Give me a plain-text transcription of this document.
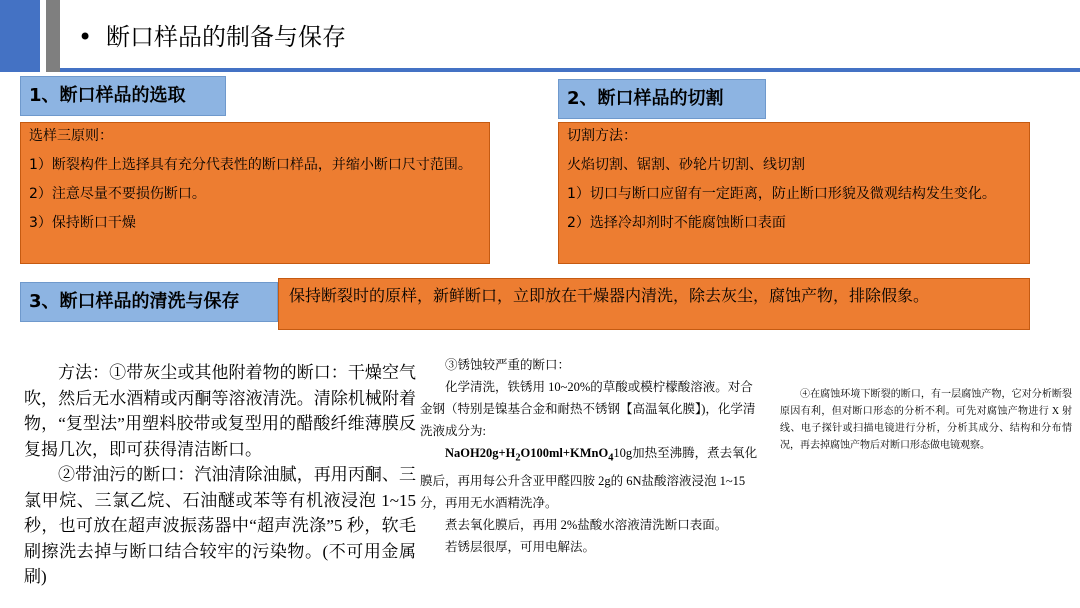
• 断口样品的制备与保存
1、断口样品的选取

选样三原则：

1）断裂构件上选择具有充分代表性的断口样品，并缩小断口尺寸范围。

2）注意尽量不要损伤断口。

3）保持断口干燥

2、断口样品的切割

切割方法：

火焰切割、锯割、砂轮片切割、线切割

1）切口与断口应留有一定距离，防止断口形貌及微观结构发生变化。

2）选择冷却剂时不能腐蚀断口表面

3、断口样品的清洗与保存	保持断裂时的原样，新鲜断口，立即放在干燥器内清洗，除去灰尘，腐蚀产物，排除假象。

方法：①带灰尘或其他附着物的断口：干燥空气吹，然后无水酒精或丙酮等溶液清洗。清除机械附着物，“复型法”用塑料胶带或复型用的醋酸纤维薄膜反复揭几次，即可获得清洁断口。

②带油污的断口：汽油清除油腻，再用丙酮、三氯甲烷、三氯乙烷、石油醚或苯等有机液浸泡 1~15 秒，也可放在超声波振荡器中“超声洗涤”5 秒，软毛刷擦洗去掉与断口结合较牢的污染物。(不可用金属刷)

③锈蚀较严重的断口：

化学清洗，铁锈用 10~20%的草酸或模柠檬酸溶液。对合金钢（特别是镍基合金和耐热不锈钢【高温氧化膜】)，化学清洗液成分为:

$NaOH20g+H_2O100ml+KMnO_410g$加热至沸腾，煮去氧化膜后，再用每公升含亚甲醛四胺 2g的 6N盐酸溶液浸泡 1~15 分，再用无水酒精洗净。

煮去氧化膜后，再用 2%盐酸水溶液清洗断口表面。

若锈层很厚，可用电解法。

④在腐蚀环境下断裂的断口，有一层腐蚀产物，它对分析断裂原因有利，但对断口形态的分析不利。可先对腐蚀产物进行 X 射线、电子探针或扫描电镜进行分析，分析其成分、结构和分布情况，再去掉腐蚀产物后对断口形态做电镜观察。
